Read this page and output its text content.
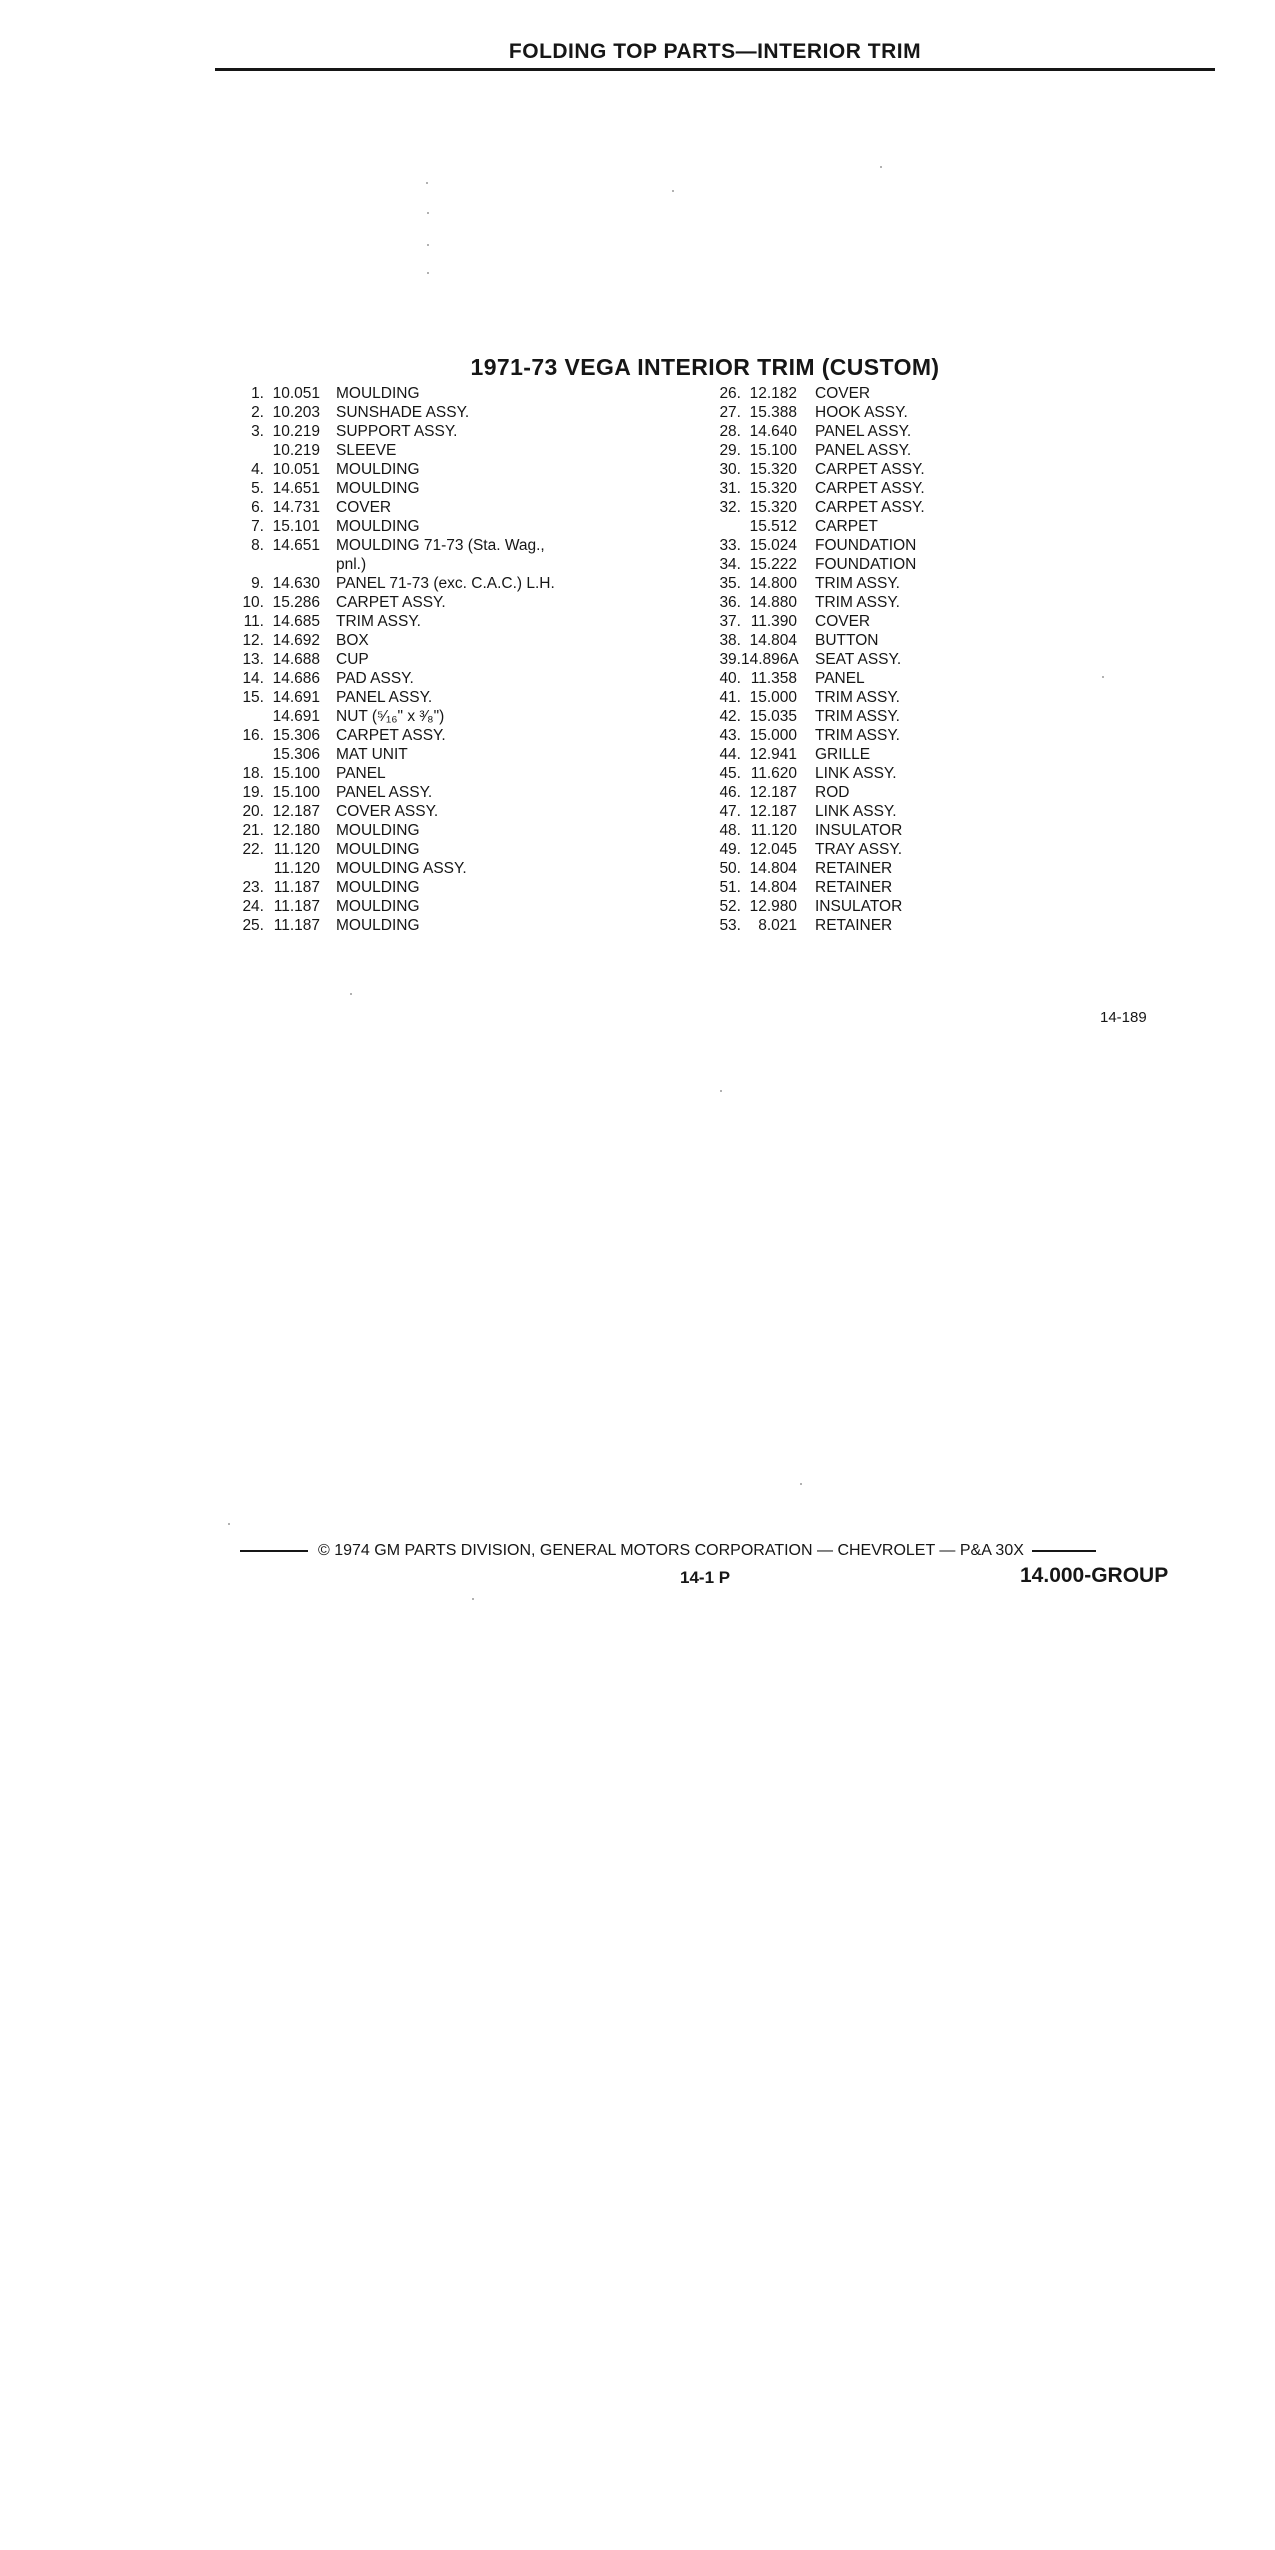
FOLDING TOP PARTS—INTERIOR TRIM
1971-73 VEGA INTERIOR TRIM (CUSTOM)
1. 10.051 MOULDING
2. 10.203 SUNSHADE ASSY.
3. 10.219 SUPPORT ASSY.
10.219 SLEEVE
4. 10.051 MOULDING
5. 14.651 MOULDING
6. 14.731 COVER
7. 15.101 MOULDING
8. 14.651 MOULDING 71-73 (Sta. Wag.,
pnl.)
9. 14.630 PANEL 71-73 (exc. C.A.C.) L.H.
10. 15.286 CARPET ASSY.
11. 14.685 TRIM ASSY.
12. 14.692 BOX
13. 14.688 CUP
14. 14.686 PAD ASSY.
15. 14.691 PANEL ASSY.
14.691 NUT (⁵⁄₁₆" x ³⁄₈")
16. 15.306 CARPET ASSY.
15.306 MAT UNIT
18. 15.100 PANEL
19. 15.100 PANEL ASSY.
20. 12.187 COVER ASSY.
21. 12.180 MOULDING
22. 11.120 MOULDING
11.120 MOULDING ASSY.
23. 11.187 MOULDING
24. 11.187 MOULDING
25. 11.187 MOULDING
26. 12.182 COVER
27. 15.388 HOOK ASSY.
28. 14.640 PANEL ASSY.
29. 15.100 PANEL ASSY.
30. 15.320 CARPET ASSY.
31. 15.320 CARPET ASSY.
32. 15.320 CARPET ASSY.
15.512 CARPET
33. 15.024 FOUNDATION
34. 15.222 FOUNDATION
35. 14.800 TRIM ASSY.
36. 14.880 TRIM ASSY.
37. 11.390 COVER
38. 14.804 BUTTON
39. 14.896A SEAT ASSY.
40. 11.358 PANEL
41. 15.000 TRIM ASSY.
42. 15.035 TRIM ASSY.
43. 15.000 TRIM ASSY.
44. 12.941 GRILLE
45. 11.620 LINK ASSY.
46. 12.187 ROD
47. 12.187 LINK ASSY.
48. 11.120 INSULATOR
49. 12.045 TRAY ASSY.
50. 14.804 RETAINER
51. 14.804 RETAINER
52. 12.980 INSULATOR
53.	8.021 RETAINER
14-189
© 1974 GM PARTS DIVISION, GENERAL MOTORS CORPORATION — CHEVROLET — P&A 30X
14-1 P	14.000-GROUP
